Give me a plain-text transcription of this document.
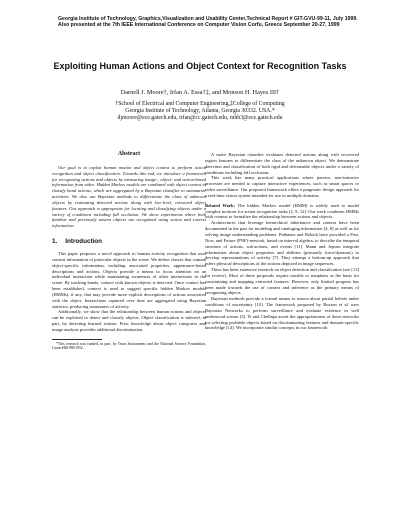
Georgia Institute of Technology, Graphics,Visualization and Usability Center,Technical Report # GIT-GVU-99-11, July 1999.
Also presented at the 7th IEEE International Conference on Computer Vision Corfu, Greece September 20-27, 1999
Exploiting Human Actions and Object Context for Recognition Tasks
Darnell J. Moore†, Irfan A. Essa†‡, and Monson H. Hayes III†
†School of Electrical and Computer Engineering,‡College of Computing
Georgia Institute of Technology, Atlanta, Georgia 30332. USA.*
djmoore@ece.gatech.edu, irfan@cc.gatech.edu, mhh3@ece.gatech.edu
Abstract

Our goal is to exploit human motion and object context to perform action recognition and object classification. Towards this end, we introduce a framework for recognizing actions and objects by measuring image-, object- and action-based information from video. Hidden Markov models are combined with object context to classify hand actions, which are aggregated by a Bayesian classifier to summarize activities. We also use Bayesian methods to differentiate the class of unknown objects by evaluating detected actions along with low-level, extracted object features. Our approach is appropriate for locating and classifying objects under a variety of conditions including full occlusion. We show experiments where both familiar and previously unseen objects are recognized using action and context information.

1. Introduction

This paper proposes a novel approach to human activity recognition that uses context information of particular objects in the scene. We define classes that contain object-specific information, including associated properties, appearance-based descriptions and actions. Objects provide a means to focus attention on an individual interaction while maintaining awareness of other interactions in the scene. By tracking hands, contact with known objects is detected. Once contact has been established, context is used to suggest specific hidden Markov models (HMMs), if any, that may provide more explicit descriptions of actions associated with the object. Interactions captured over time are aggregated using Bayesian statistics, producing summaries of activity.

Additionally, we show that the relationship between human actions and objects can be exploited to detect and classify objects. Object classification is inferred, in part, by detecting learned actions. Prior knowledge about object categories and image analysis provides additional discrimination.

*This research was funded, in part, by Texas Instruments and the National Science Foundation, Grant #IIS-9801052.

A naive Bayesian classifier evaluates detected actions along with recovered region features to differentiate the class of the unknown object. We demonstrate detection and classification of both rigid and deformable objects under a variety of conditions including full occlusion.

This work has many practical applications where passive, non-intrusive processes are needed to capture interactive experiences, such as smart spaces or video surveillance. Our proposed framework offers a pragmatic design approach for a real-time vision system intended for use in multiple domains.

Related Work: The hidden Markov model (HMM) is widely used to model complex motions for action recognition tasks [2, 9, 12]. Our work combines HMMs with context to formalize the relationship between actions and objects.

Architectures that leverage hierarchical inheritance and context have been documented in the past for modeling and cataloging information [4, 8] as well as for solving image understanding problems. Pinhanez and Bobick have provided a Past, Now, and Future (PNF)-network, based on interval algebra, to describe the temporal structure of actions, sub-actions, and events [11]. Mann and Jepson integrate information about object properties and abilities (primarily force/dynamic) to develop representations of activity [7]. They attempt a bottom-up approach that infers physical descriptions of the actions depicted in image sequences.

There has been extensive research on object detection and classification (see [13] for review). Most of these proposals require models or templates as the basis for constraining and mapping extracted features. However, only limited progress has been made towards the use of context and inference as the primary means of recognizing objects.

Bayesian methods provide a formal means to reason about partial beliefs under conditions of uncertainty [10]. The framework proposed by Buxton et al. uses Bayesian Networks to perform surveillance and evaluate evidence in well understood scenes [3]. Yi and Chellapa assert the appropriateness of these networks for selecting probable objects based on discriminating features and domain-specific knowledge [14]. We incorporate similar concepts in our framework
